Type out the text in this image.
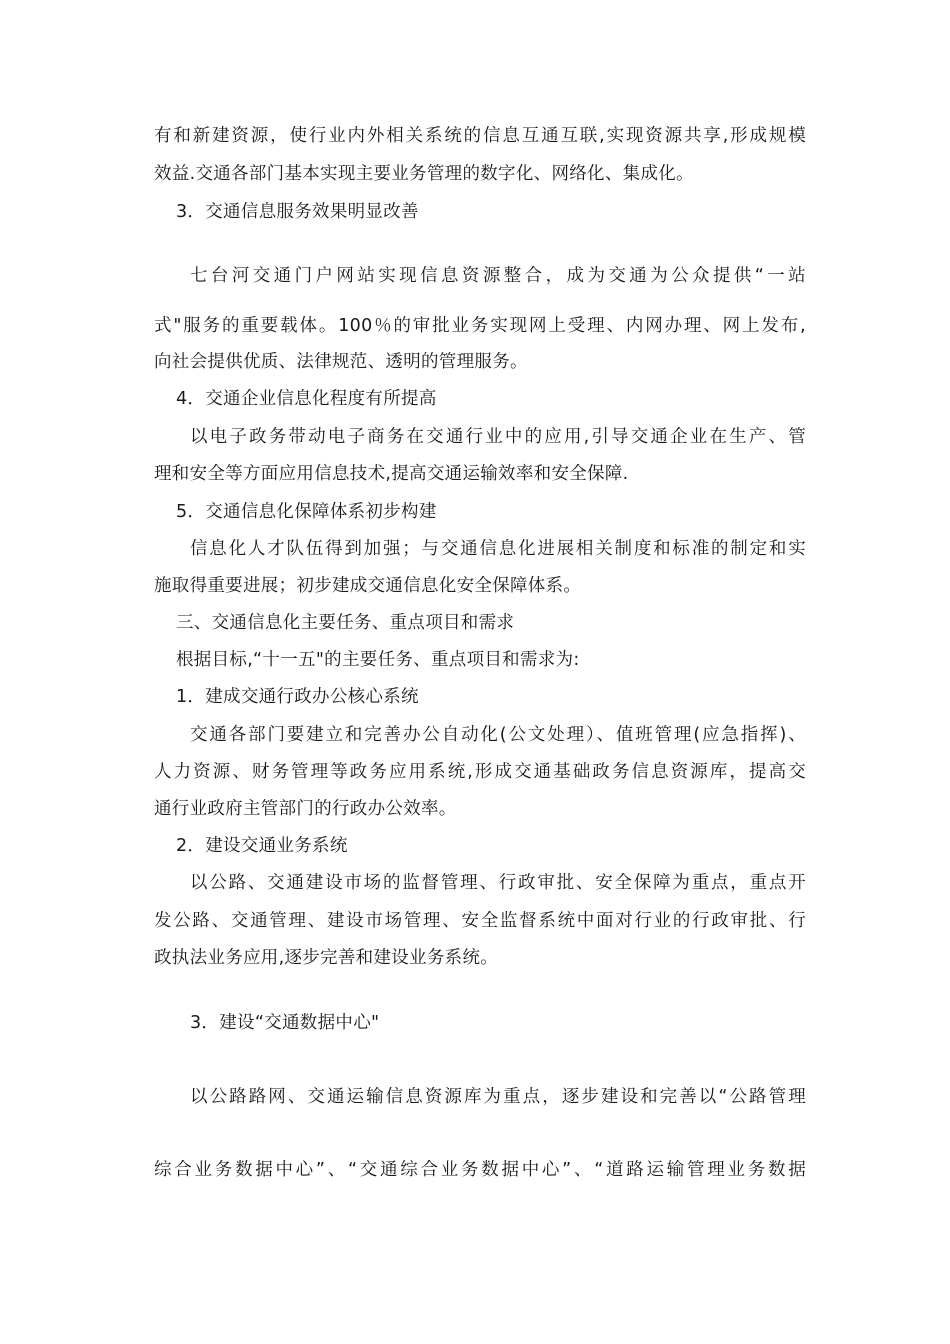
有和新建资源，使行业内外相关系统的信息互通互联,实现资源共享,形成规模
效益.交通各部门基本实现主要业务管理的数字化、网络化、集成化。
3．交通信息服务效果明显改善
七台河交通门户网站实现信息资源整合，成为交通为公众提供“一站
式"服务的重要载体。100％的审批业务实现网上受理、内网办理、网上发布,
向社会提供优质、法律规范、透明的管理服务。
4．交通企业信息化程度有所提高
以电子政务带动电子商务在交通行业中的应用,引导交通企业在生产、管
理和安全等方面应用信息技术,提高交通运输效率和安全保障.
5．交通信息化保障体系初步构建
信息化人才队伍得到加强；与交通信息化进展相关制度和标准的制定和实
施取得重要进展；初步建成交通信息化安全保障体系。
三、交通信息化主要任务、重点项目和需求
根据目标,“十一五"的主要任务、重点项目和需求为:
1．建成交通行政办公核心系统
交通各部门要建立和完善办公自动化(公文处理）、值班管理(应急指挥)、
人力资源、财务管理等政务应用系统,形成交通基础政务信息资源库，提高交
通行业政府主管部门的行政办公效率。
2．建设交通业务系统
以公路、交通建设市场的监督管理、行政审批、安全保障为重点，重点开
发公路、交通管理、建设市场管理、安全监督系统中面对行业的行政审批、行
政执法业务应用,逐步完善和建设业务系统。
3．建设“交通数据中心"
以公路路网、交通运输信息资源库为重点，逐步建设和完善以“公路管理
综合业务数据中心”、“交通综合业务数据中心”、“道路运输管理业务数据
